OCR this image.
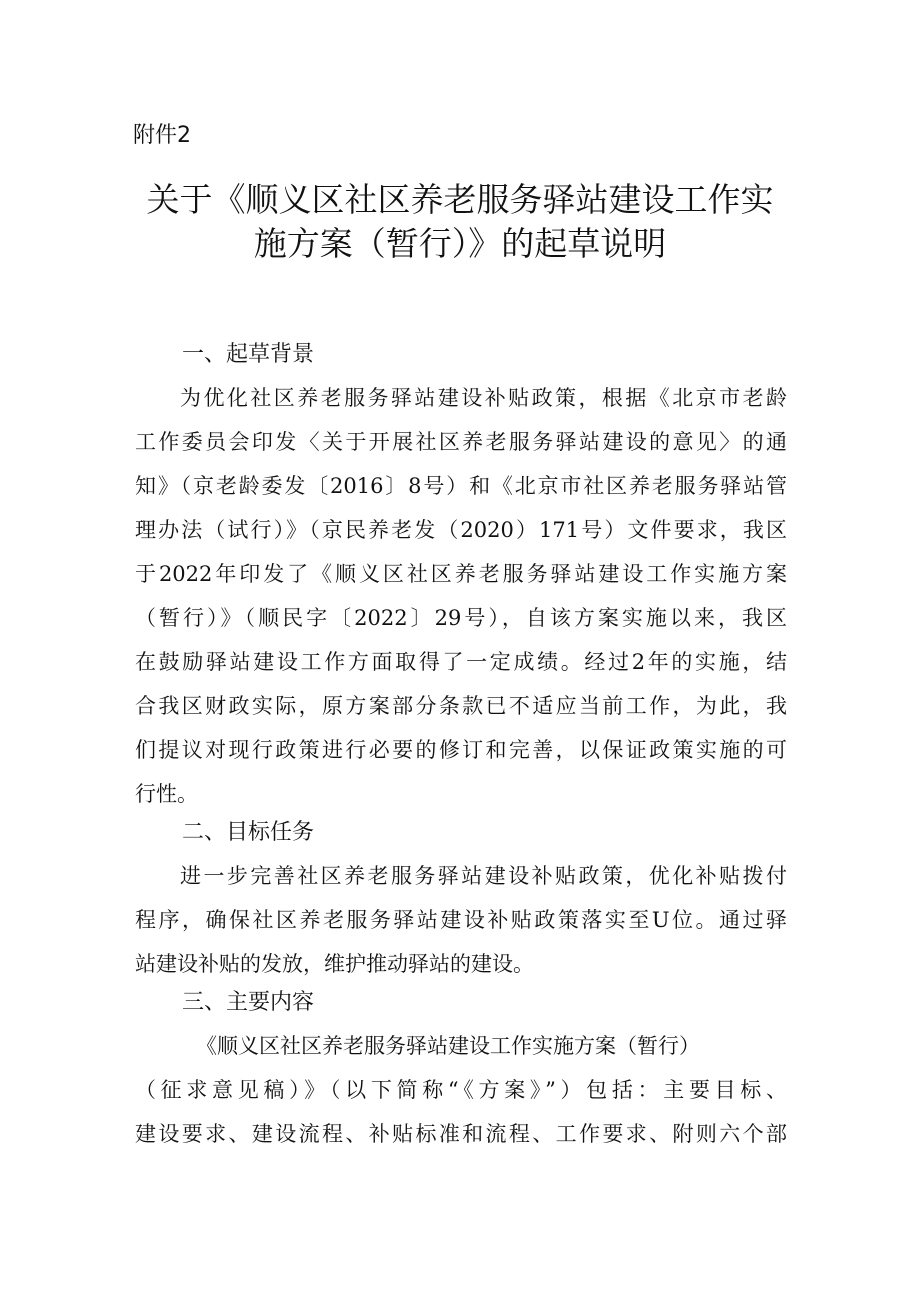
附件2
关于《顺义区社区养老服务驿站建设工作实
施方案（暂行）》的起草说明
一、起草背景
为优化社区养老服务驿站建设补贴政策，根据《北京市老龄
工作委员会印发〈关于开展社区养老服务驿站建设的意见〉的通
知》（京老龄委发〔2016〕8号）和《北京市社区养老服务驿站管
理办法（试行）》（京民养老发（2020）171号）文件要求，我区
于2022年印发了《顺义区社区养老服务驿站建设工作实施方案
（暂行）》（顺民字〔2022〕29号），自该方案实施以来，我区
在鼓励驿站建设工作方面取得了一定成绩。经过2年的实施，结
合我区财政实际，原方案部分条款已不适应当前工作，为此，我
们提议对现行政策进行必要的修订和完善，以保证政策实施的可
行性。
二、目标任务
进一步完善社区养老服务驿站建设补贴政策，优化补贴拨付
程序，确保社区养老服务驿站建设补贴政策落实至U位。通过驿
站建设补贴的发放，维护推动驿站的建设。
三、主要内容
《顺义区社区养老服务驿站建设工作实施方案（暂行）
（征求意见稿）》（以下简称“《方案》”）包括：主要目标、
建设要求、建设流程、补贴标准和流程、工作要求、附则六个部
